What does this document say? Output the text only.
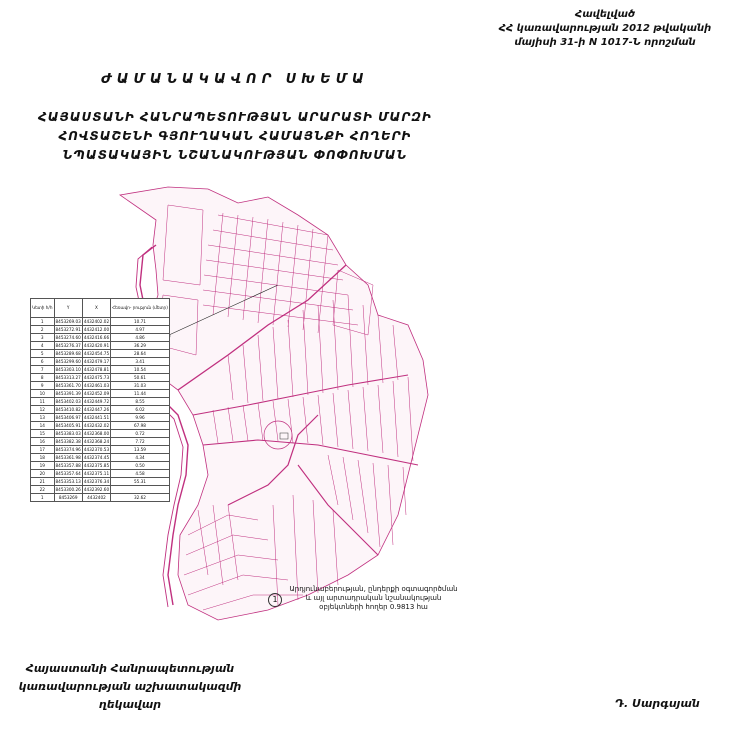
Հավելված
ՀՀ կառավարության 2012 թվականի
մայիսի 31-ի N 1017-Ն որոշման
ԺԱՄԱՆԱԿԱՎՈՐ ՍԽԵՄԱ
ՀԱՅԱՍՏԱՆԻ ՀԱՆՐԱՊԵՏՈՒԹՅԱՆ ԱՐԱՐԱՏԻ ՄԱՐԶԻ
ՀՈՎՏԱՇԵՆԻ ԳՅՈՒՂԱԿԱՆ ՀԱՄԱՅՆՔԻ ՀՈՂԵՐԻ
ՆՊԱՏԱԿԱՅԻՆ ՆՇԱՆԱԿՈՒԹՅԱՆ ՓՈՓՈԽՄԱՆ
Կետի h/h	Y	X	Հեռավո- րություն (մետր)
1	8453269.03	4432402.02	10.71
2	8453272.91	4432412.00	4.97
3	8453274.60	4432416.66	4.86
4	8453276.37	4432420.91	36.29
5	8453289.68	4432454.75	28.64
6	8453299.60	4432479.17	3.41
7	8453303.10	4432478.81	10.54
8	8453313.27	4432475.73	50.61
9	8453361.70	4432461.03	31.03
10	8453391.39	4432452.09	11.44
11	8453402.03	4432449.72	8.55
12	8453410.82	4432447.26	6.02
13	8453406.97	4432441.51	9.96
14	8453405.91	4432432.02	67.98
15	8453383.03	4432368.00	0.72
16	8453382.38	4432368.24	7.72
17	8453374.96	4432370.53	13.59
18	8453361.98	4432374.45	4.34
19	8453357.88	4432375.85	0.50
20	8453357.64	4432375.11	4.58
21	8453353.13	4432376.34	55.31
22	8453300.26	4432392.60	
1	8453269	4432402	32.62
1
Արդյունաբերության, ընդերքի օգտագործման
և այլ արտադրական նշանակության
օբյեկտների հողեր 0.9813 հա
Հայաստանի Հանրապետության
կառավարության աշխատակազմի
ղեկավար	Դ. Սարգսյան
